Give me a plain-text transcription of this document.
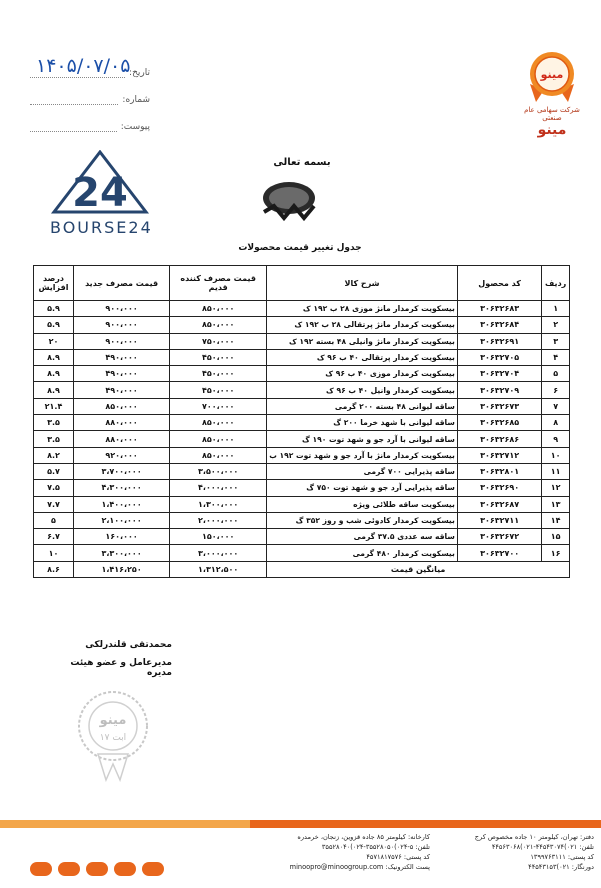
مینو
شرکت سهامی عام صنعتی
مینو
تاریخ:
۱۴۰۵/۰۷/۰۵
شماره:
پیوست:
بسمه تعالی
24
BOURSE24
جدول تغییر قیمت محصولات
ردیف	کد محصول	شرح کالا	قیمت مصرف کننده قدیم	قیمت مصرف جدید	درصد افزایش
۱	۳۰۶۳۲۶۸۳	بیسکویت کرمدار مانژ موزی ۲۸ ب ۱۹۲ ک	۸۵۰،۰۰۰	۹۰۰،۰۰۰	۵.۹
۲	۳۰۶۳۲۶۸۴	بیسکویت کرمدار مانژ پرتقالی ۲۸ ب ۱۹۲ ک	۸۵۰،۰۰۰	۹۰۰،۰۰۰	۵.۹
۳	۳۰۶۳۲۶۹۱	بیسکویت کرمدار مانژ وانیلی ۴۸ بسته ۱۹۲ ک	۷۵۰،۰۰۰	۹۰۰،۰۰۰	۲۰
۴	۳۰۶۳۲۷۰۵	بیسکویت کرمدار پرتقالی ۴۰ ب ۹۶ ک	۴۵۰،۰۰۰	۴۹۰،۰۰۰	۸.۹
۵	۳۰۶۳۲۷۰۴	بیسکویت کرمدار موزی ۴۰ ب ۹۶ ک	۴۵۰،۰۰۰	۴۹۰،۰۰۰	۸.۹
۶	۳۰۶۳۲۷۰۹	بیسکویت کرمدار وانیل ۴۰ ب ۹۶ ک	۴۵۰،۰۰۰	۴۹۰،۰۰۰	۸.۹
۷	۳۰۶۳۲۶۷۳	ساقه لیوانی ۴۸ بسته ۲۰۰ گرمی	۷۰۰،۰۰۰	۸۵۰،۰۰۰	۲۱.۴
۸	۳۰۶۳۲۶۸۵	ساقه لیوانی با شهد خرما ۲۰۰ گ	۸۵۰،۰۰۰	۸۸۰،۰۰۰	۳.۵
۹	۳۰۶۳۲۶۸۶	ساقه لیوانی با آرد جو و شهد توت ۱۹۰ گ	۸۵۰،۰۰۰	۸۸۰،۰۰۰	۳.۵
۱۰	۳۰۶۳۲۷۱۲	بیسکویت کرمدار مانژ با آرد جو و شهد توت ۱۹۲ ب	۸۵۰،۰۰۰	۹۲۰،۰۰۰	۸.۲
۱۱	۳۰۶۳۲۸۰۱	ساقه پذیرایی ۷۰۰ گرمی	۳،۵۰۰،۰۰۰	۳،۷۰۰،۰۰۰	۵.۷
۱۲	۳۰۶۳۲۶۹۰	ساقه پذیرایی آرد جو و شهد توت ۷۵۰ گ	۴،۰۰۰،۰۰۰	۴،۳۰۰،۰۰۰	۷.۵
۱۳	۳۰۶۳۲۶۸۷	بیسکویت ساقه طلائی ویژه	۱،۳۰۰،۰۰۰	۱،۴۰۰،۰۰۰	۷.۷
۱۴	۳۰۶۳۲۷۱۱	بیسکویت کرمدار کادوئی شب و روز ۳۵۲ گ	۲،۰۰۰،۰۰۰	۲،۱۰۰،۰۰۰	۵
۱۵	۳۰۶۳۲۶۷۲	ساقه سه عددی ۳۷.۵ گرمی	۱۵۰،۰۰۰	۱۶۰،۰۰۰	۶.۷
۱۶	۳۰۶۳۲۷۰۰	بیسکویت کرمدار ۴۸۰ گرمی	۳،۰۰۰،۰۰۰	۳،۳۰۰،۰۰۰	۱۰
میانگین قیمت			۱،۳۱۲،۵۰۰	۱،۴۱۶،۲۵۰	۸.۶
محمدتقی قلندرلکی
مدیرعامل و عضو هیئت مدیره
مینو
ابت ۱۷
دفتر: تهران، کیلومتر ۱۰ جاده مخصوص کرج
تلفن: ۰۲۱)۴۴۵۴۳۰۷۴-۰۲۱)۴۴۵۶۳۰۶۸
کد پستی: ۱۳۹۹۷۶۳۱۱۱
دورنگار: ۰۲۱)۴۴۵۴۳۱۵۳
کارخانه: کیلومتر ۸۵ جاده قزوین، زنجان، خرمدره
تلفن: ۵-۰۲۴)۳۵۵۲۸۰۵۰-۰۲۴)۳۵۵۲۸۰۴۰
کد پستی: ۴۵۷۱۸۱۷۵۷۶
پست الکترونیک: minoopro@minoogroup.com
